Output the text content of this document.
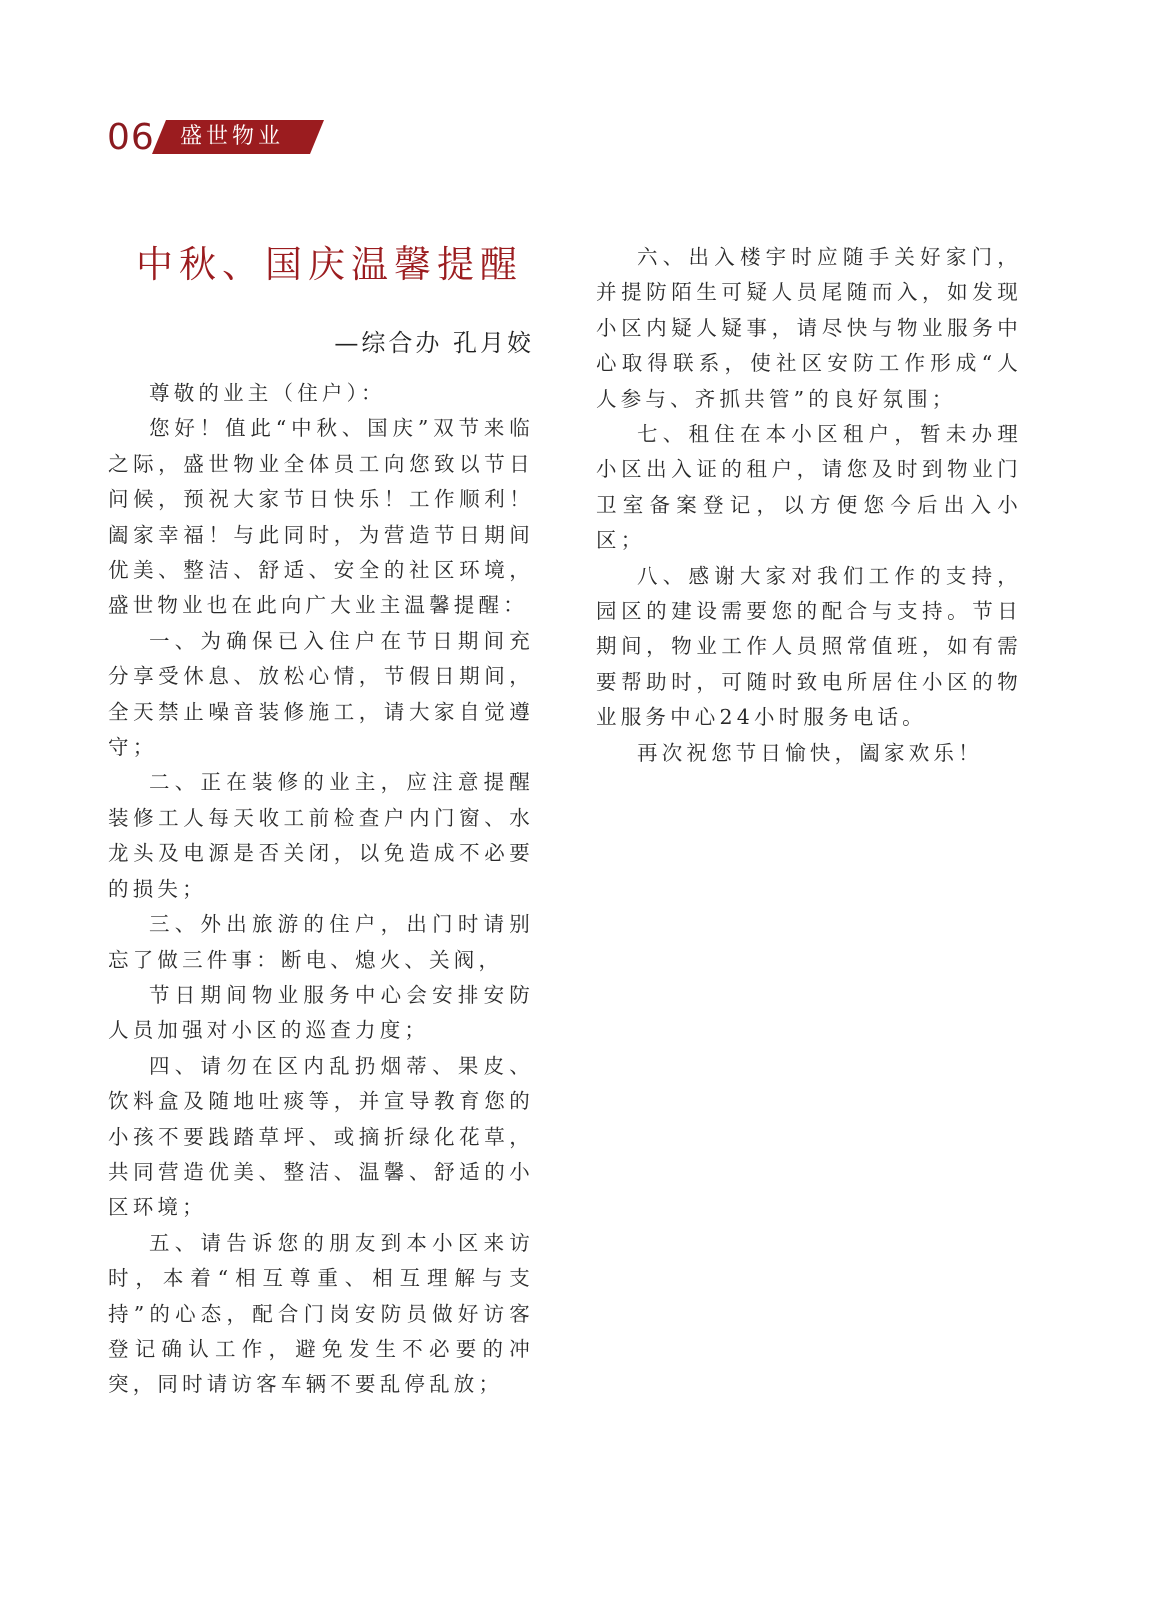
06 盛世物业
中秋、国庆温馨提醒
—综合办 孔月姣

尊敬的业主（住户）：

您好！值此“中秋、国庆”双节来临之际，盛世物业全体员工向您致以节日问候，预祝大家节日快乐！工作顺利！阖家幸福！与此同时，为营造节日期间优美、整洁、舒适、安全的社区环境，盛世物业也在此向广大业主温馨提醒：

一、为确保已入住户在节日期间充分享受休息、放松心情，节假日期间，全天禁止噪音装修施工，请大家自觉遵守；

二、正在装修的业主，应注意提醒装修工人每天收工前检查户内门窗、水龙头及电源是否关闭，以免造成不必要的损失；

三、外出旅游的住户，出门时请别忘了做三件事：断电、熄火、关阀，

节日期间物业服务中心会安排安防人员加强对小区的巡查力度；

四、请勿在区内乱扔烟蒂、果皮、饮料盒及随地吐痰等，并宣导教育您的小孩不要践踏草坪、或摘折绿化花草，共同营造优美、整洁、温馨、舒适的小区环境；

五、请告诉您的朋友到本小区来访时，本着“相互尊重、相互理解与支持”的心态，配合门岗安防员做好访客登记确认工作，避免发生不必要的冲突，同时请访客车辆不要乱停乱放；

六、出入楼宇时应随手关好家门，并提防陌生可疑人员尾随而入，如发现小区内疑人疑事，请尽快与物业服务中心取得联系，使社区安防工作形成“人人参与、齐抓共管”的良好氛围；

七、租住在本小区租户，暂未办理小区出入证的租户，请您及时到物业门卫室备案登记，以方便您今后出入小区；

八、感谢大家对我们工作的支持，园区的建设需要您的配合与支持。节日期间，物业工作人员照常值班，如有需要帮助时，可随时致电所居住小区的物业服务中心24小时服务电话。

再次祝您节日愉快，阖家欢乐！
